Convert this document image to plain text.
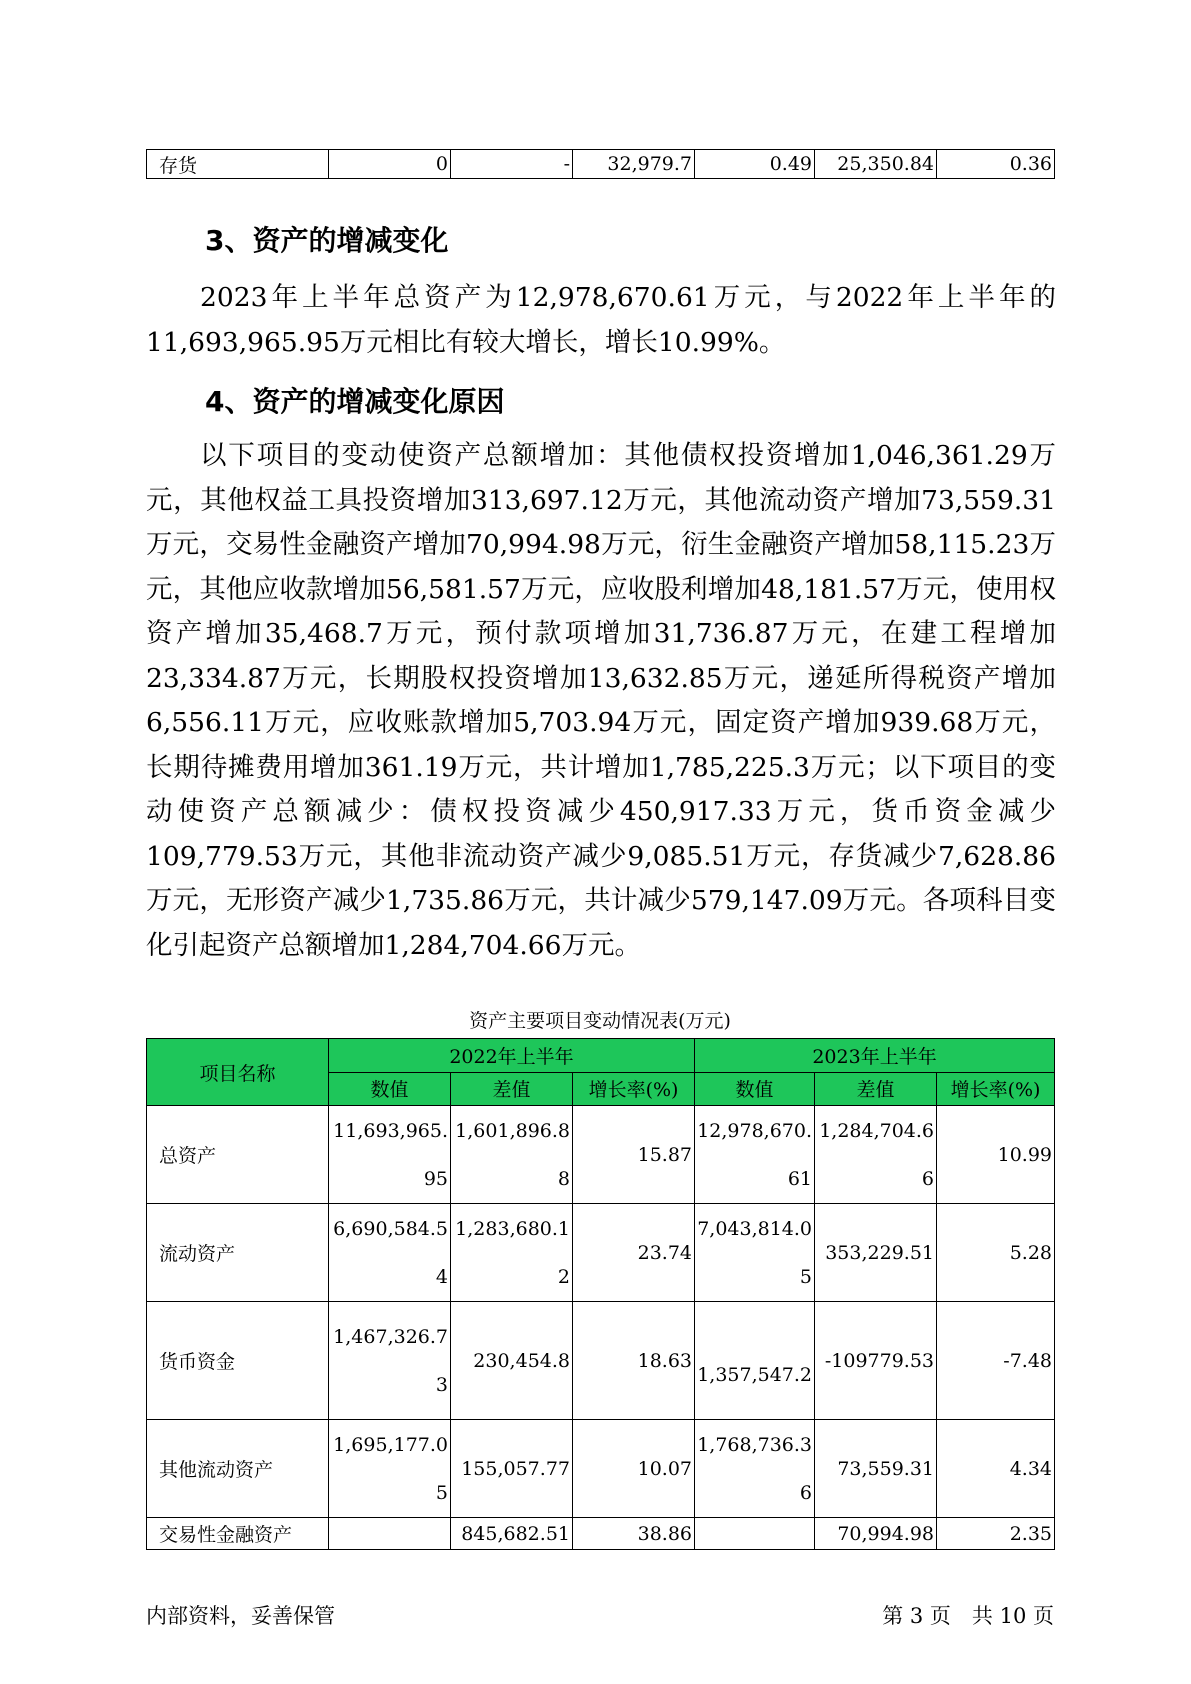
存货	0	-	32,979.7	0.49	25,350.84	0.36
3、资产的增减变化

2023年上半年总资产为12,978,670.61万元，与2022年上半年的11,693,965.95万元相比有较大增长，增长10.99%。

4、资产的增减变化原因

以下项目的变动使资产总额增加：其他债权投资增加1,046,361.29万元，其他权益工具投资增加313,697.12万元，其他流动资产增加73,559.31万元，交易性金融资产增加70,994.98万元，衍生金融资产增加58,115.23万元，其他应收款增加56,581.57万元，应收股利增加48,181.57万元，使用权资产增加35,468.7万元，预付款项增加31,736.87万元，在建工程增加23,334.87万元，长期股权投资增加13,632.85万元，递延所得税资产增加6,556.11万元，应收账款增加5,703.94万元，固定资产增加939.68万元，长期待摊费用增加361.19万元，共计增加1,785,225.3万元；以下项目的变动使资产总额减少：债权投资减少450,917.33万元，货币资金减少109,779.53万元，其他非流动资产减少9,085.51万元，存货减少7,628.86万元，无形资产减少1,735.86万元，共计减少579,147.09万元。各项科目变化引起资产总额增加1,284,704.66万元。

资产主要项目变动情况表(万元)
项目名称	2022年上半年			2023年上半年		
	数值	差值	增长率(%)	数值	差值	增长率(%)
总资产	11,693,965.95	1,601,896.88	15.87	12,978,670.61	1,284,704.66	10.99
流动资产	6,690,584.54	1,283,680.12	23.74	7,043,814.05	353,229.51	5.28
货币资金	1,467,326.73	230,454.8	18.63	1,357,547.2	-109779.53	-7.48
其他流动资产	1,695,177.05	155,057.77	10.07	1,768,736.36	73,559.31	4.34
交易性金融资产		845,682.51	38.86		70,994.98	2.35
内部资料，妥善保管	第 3 页　共 10 页
